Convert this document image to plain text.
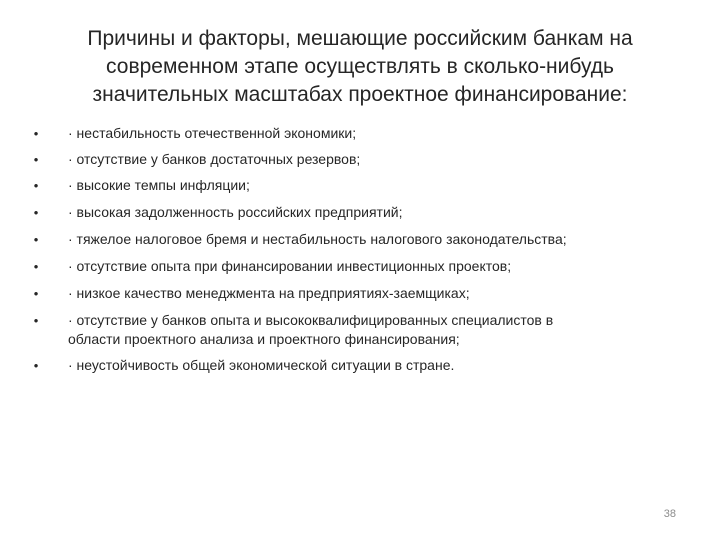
Причины и факторы, мешающие российским банкам на
современном этапе осуществлять в сколько-нибудь
значительных масштабах проектное финансирование:
• · нестабильность отечественной экономики;
• · отсутствие у банков достаточных резервов;
• · высокие темпы инфляции;
• · высокая задолженность российских предприятий;
• · тяжелое налоговое бремя и нестабильность налогового законодательства;
• · отсутствие опыта при финансировании инвестиционных проектов;
• · низкое качество менеджмента на предприятиях-заемщиках;
• · отсутствие у банков опыта и высококвалифицированных специалистов в
области проектного анализа и проектного финансирования;
• · неустойчивость общей экономической ситуации в стране.
38
